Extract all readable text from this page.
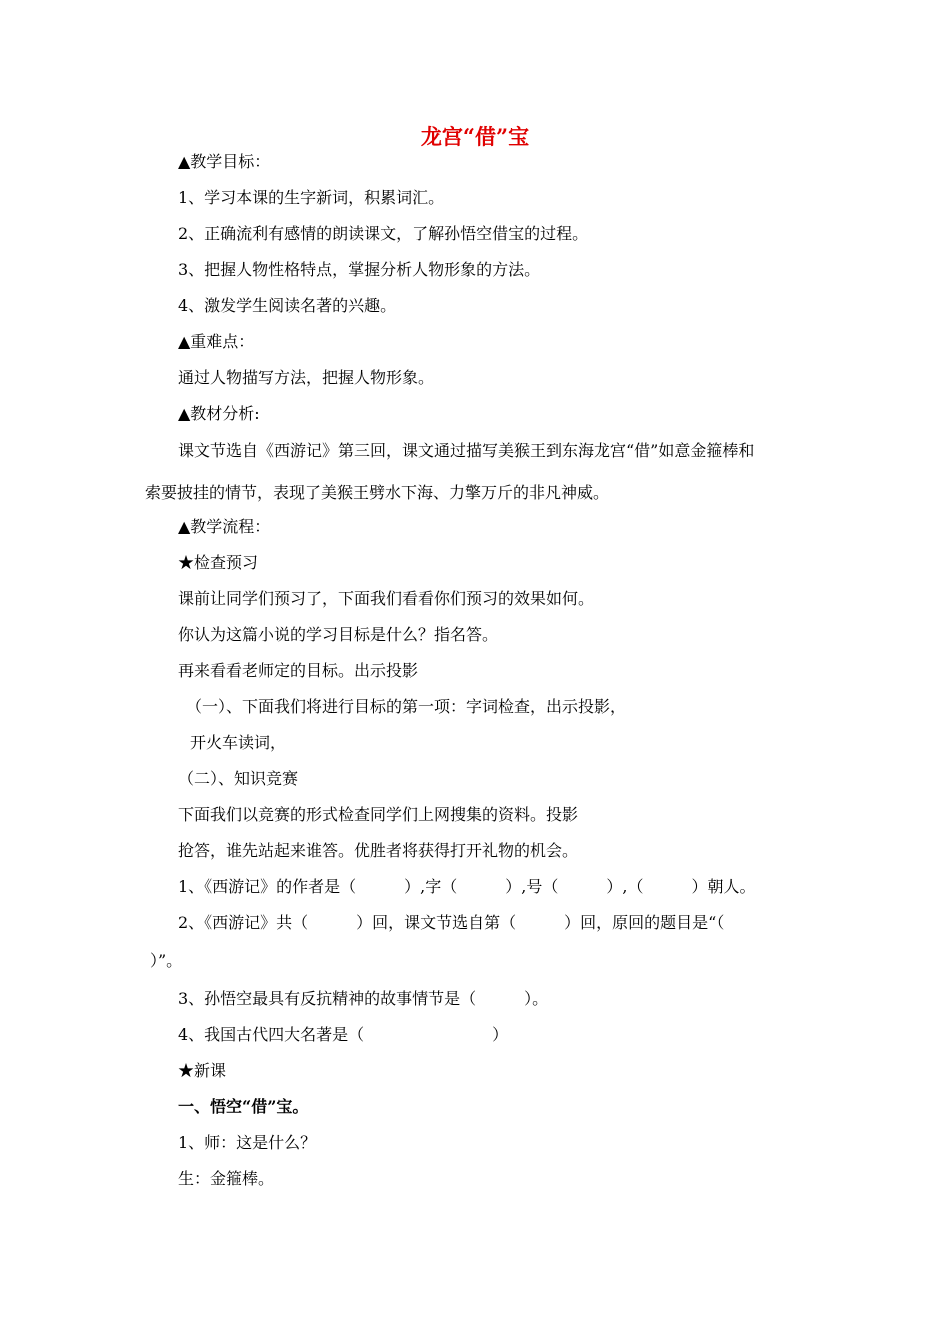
龙宫“借”宝

▲教学目标：

1、学习本课的生字新词，积累词汇。

2、正确流利有感情的朗读课文，了解孙悟空借宝的过程。

3、把握人物性格特点，掌握分析人物形象的方法。

4、激发学生阅读名著的兴趣。

▲重难点：

通过人物描写方法，把握人物形象。

▲教材分析:

课文节选自《西游记》第三回，课文通过描写美猴王到东海龙宫“借”如意金箍棒和

索要披挂的情节，表现了美猴王劈水下海、力擎万斤的非凡神威。

▲教学流程：

★检查预习

课前让同学们预习了，下面我们看看你们预习的效果如何。

你认为这篇小说的学习目标是什么？指名答。

再来看看老师定的目标。出示投影

（一）、下面我们将进行目标的第一项：字词检查，出示投影，

开火车读词，

（二）、知识竞赛

下面我们以竞赛的形式检查同学们上网搜集的资料。投影

抢答，谁先站起来谁答。优胜者将获得打开礼物的机会。

1、《西游记》的作者是（　　　）,字（　　　）,号（　　　）,（　　　）朝人。

2、《西游记》共（　　　）回，课文节选自第（　　　）回，原回的题目是“（

）”。

3、孙悟空最具有反抗精神的故事情节是（　　　）。

4、我国古代四大名著是（　　　　　　　　）

★新课

一、悟空“借”宝。

1、师：这是什么？

生：金箍棒。
